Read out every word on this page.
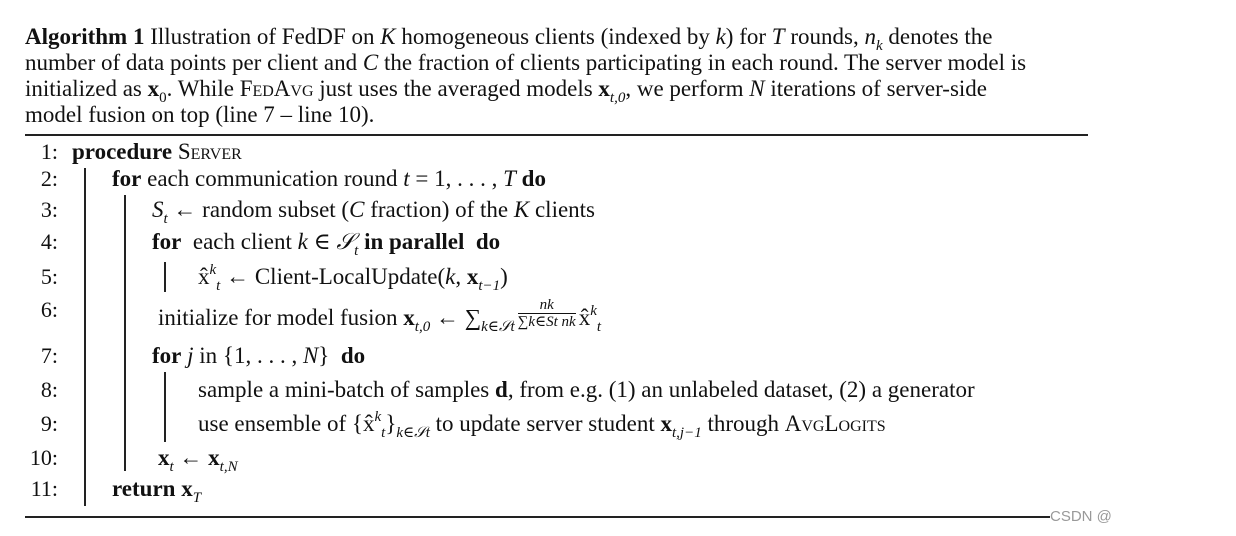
Algorithm 1 Illustration of FedDF on K homogeneous clients (indexed by k) for T rounds, $n_k$ denotes the
number of data points per client and C the fraction of clients participating in each round. The server model is
initialized as $x_0$. While FedAvg just uses the averaged models $x_{t,0}$, we perform N iterations of server-side
model fusion on top (line 7 – line 10).
1: procedure Server
2: for each communication round t = 1, . . . , T do
3:	$S_t$ ← random subset (C fraction) of the K clients
4:	for  each client k ∈ 𝒮$_t$ in parallel  do
5:	x̂$^k_t$ ← Client-LocalUpdate(k, $x_{t-1}$)
6:	initialize for model fusion $x_{t,0}$ ← $\sum_{k\in 𝒮t} \frac{nk}{\text{∑k∈St nk}}$ x̂$^k_t$
7:	for j in {1, . . . , N}  do
8:	sample a mini-batch of samples d, from e.g. (1) an unlabeled dataset, (2) a generator
9:	use ensemble of $\{x̂^k_t\}_{k\in 𝒮t}$ to update server student $x_{t,j-1}$ through AvgLogits
10:	$x_t$ ← $x_{t,N}$
11: return $x_T$
CSDN @
